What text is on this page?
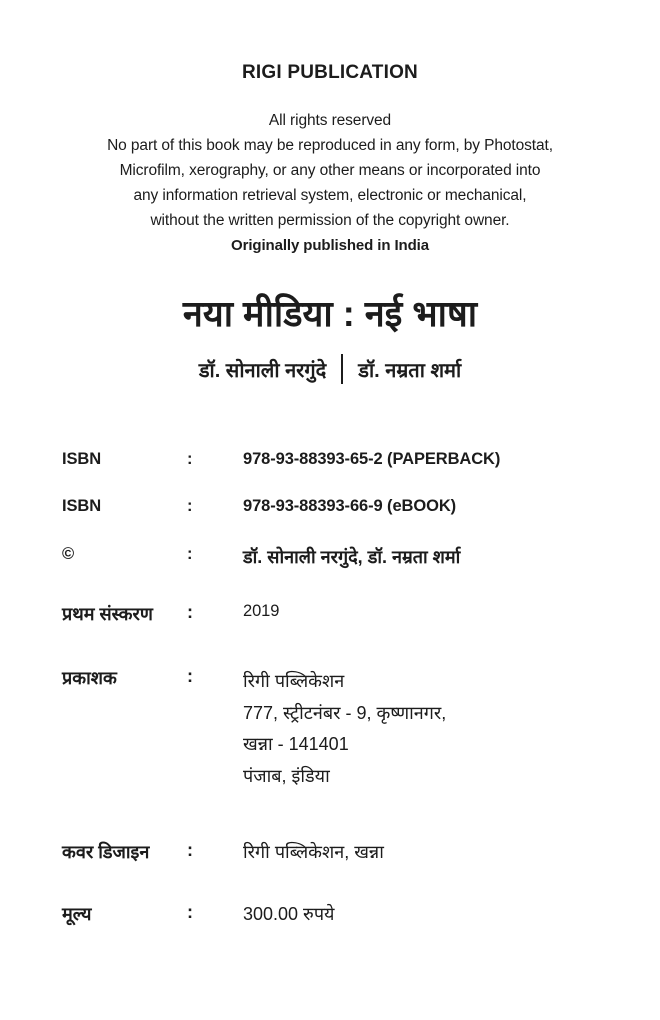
RIGI PUBLICATION
All rights reserved
No part of this book may be reproduced in any form, by Photostat,
Microfilm, xerography, or any other means or incorporated into
any information retrieval system, electronic or mechanical,
without the written permission of the copyright owner.
Originally published in India
नया मीडिया : नई भाषा
डॉ. सोनाली नरगुंदे डॉ. नम्रता शर्मा
ISBN	:	978-93-88393-65-2 (PAPERBACK)
ISBN	:	978-93-88393-66-9 (eBOOK)
©	:	डॉ. सोनाली नरगुंदे, डॉ. नम्रता शर्मा
प्रथम संस्करण	:	2019
प्रकाशक	:	रिगी पब्लिकेशन
777, स्ट्रीटनंबर - 9, कृष्णानगर,
खन्ना - 141401
पंजाब, इंडिया
कवर डिजाइन	:	रिगी पब्लिकेशन, खन्ना
मूल्य	:	300.00 रुपये
